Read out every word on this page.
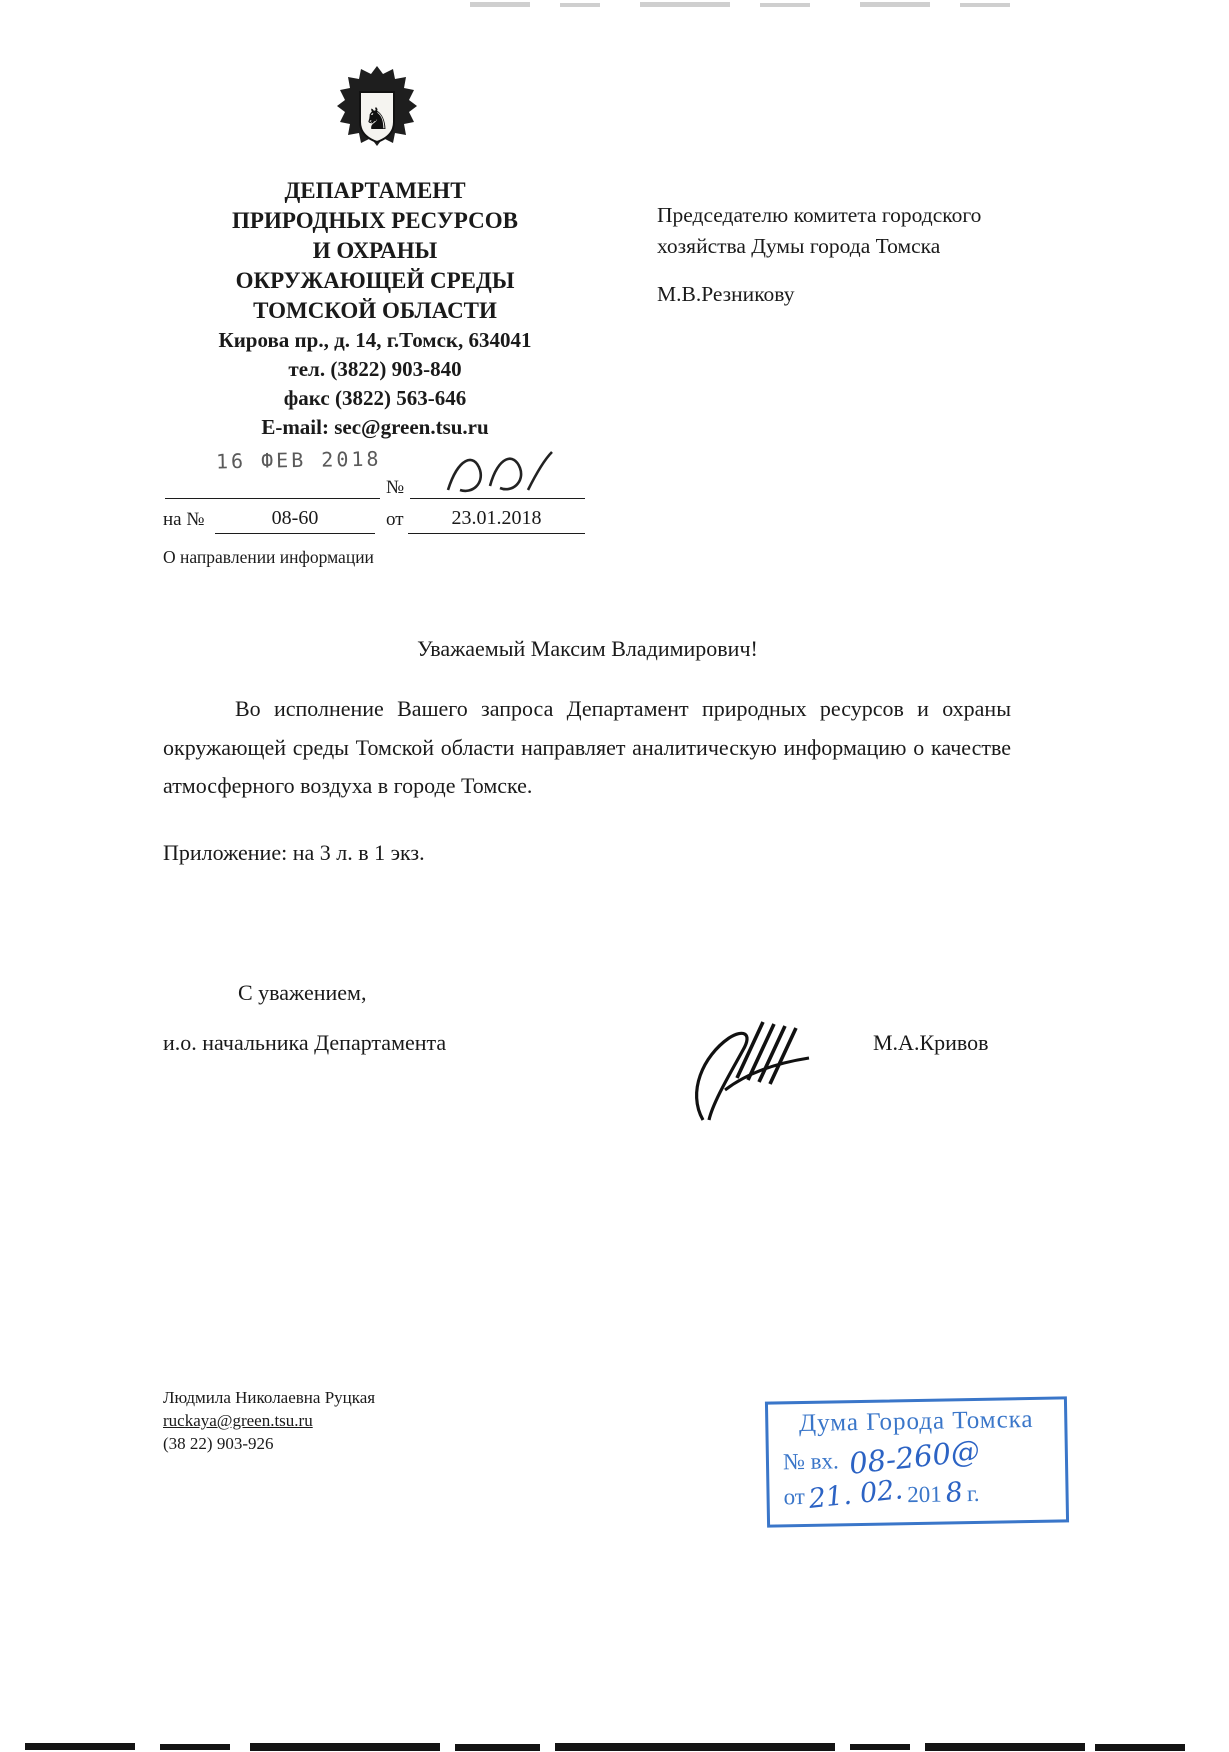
♞
ДЕПАРТАМЕНТ
ПРИРОДНЫХ РЕСУРСОВ
И ОХРАНЫ
ОКРУЖАЮЩЕЙ СРЕДЫ
ТОМСКОЙ ОБЛАСТИ
Кирова пр., д. 14, г.Томск, 634041
тел. (3822) 903-840
факс (3822) 563-646
E-mail: sec@green.tsu.ru
Председателю комитета городского
хозяйства Думы города Томска
М.В.Резникову
16 ФЕВ 2018
№
на №	08-60	от	23.01.2018
О направлении информации
Уважаемый Максим Владимирович!
Во исполнение Вашего запроса Департамент природных ресурсов и охраны окружающей среды Томской области направляет аналитическую информацию о качестве атмосферного воздуха в городе Томске.
Приложение: на 3 л. в 1 экз.
С уважением,
и.о. начальника Департамента	М.А.Кривов
Людмила Николаевна Руцкая
ruckaya@green.tsu.ru
(38 22) 903-926
Дума Города Томска
№ вх. 08-260@
от21. 02. 2018г.
